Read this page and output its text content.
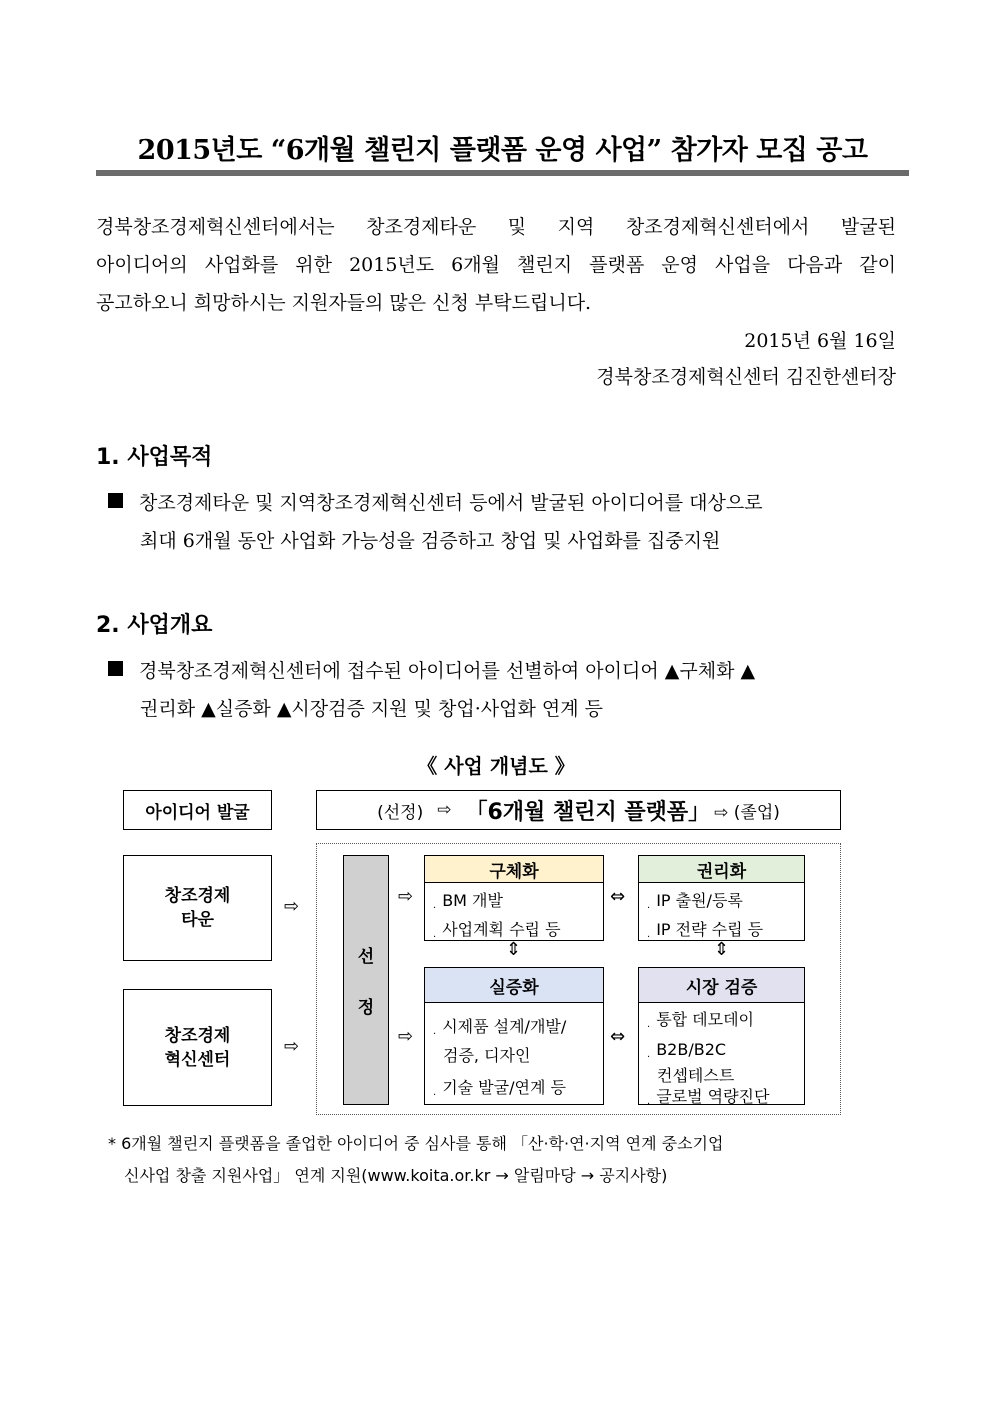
2015년도 “6개월 챌린지 플랫폼 운영 사업” 참가자 모집 공고
경북창조경제혁신센터에서는 창조경제타운 및 지역 창조경제혁신센터에서 발굴된
아이디어의 사업화를 위한 2015년도 6개월 챌린지 플랫폼 운영 사업을 다음과 같이
공고하오니 희망하시는 지원자들의 많은 신청 부탁드립니다.
2015년 6월 16일
경북창조경제혁신센터 김진한센터장
1. 사업목적
창조경제타운 및 지역창조경제혁신센터 등에서 발굴된 아이디어를 대상으로
최대 6개월 동안 사업화 가능성을 검증하고 창업 및 사업화를 집중지원
2. 사업개요
경북창조경제혁신센터에 접수된 아이디어를 선별하여 아이디어 ▲구체화 ▲
권리화 ▲실증화 ▲시장검증 지원 및 창업·사업화 연계 등
《 사업 개념도 》
아이디어 발굴	(선정) ⇨ 「6개월 챌린지 플랫폼」 ⇨ (졸업)
창조경제
타운
창조경제
혁신센터
⇨
⇨
선
정
⇨
⇨
구체화
. BM 개발
. 사업계획 수립 등
⇔
권리화
. IP 출원/등록
. IP 전략 수립 등
⇕	⇕
실증화
. 시제품 설계/개발/
검증, 디자인
. 기술 발굴/연계 등
⇔
시장 검증
. 통합 데모데이
. B2B/B2C
컨셉테스트
. 글로벌 역량진단
* 6개월 챌린지 플랫폼을 졸업한 아이디어 중 심사를 통해 「산·학·연·지역 연계 중소기업
신사업 창출 지원사업」 연계 지원(www.koita.or.kr → 알림마당 → 공지사항)
